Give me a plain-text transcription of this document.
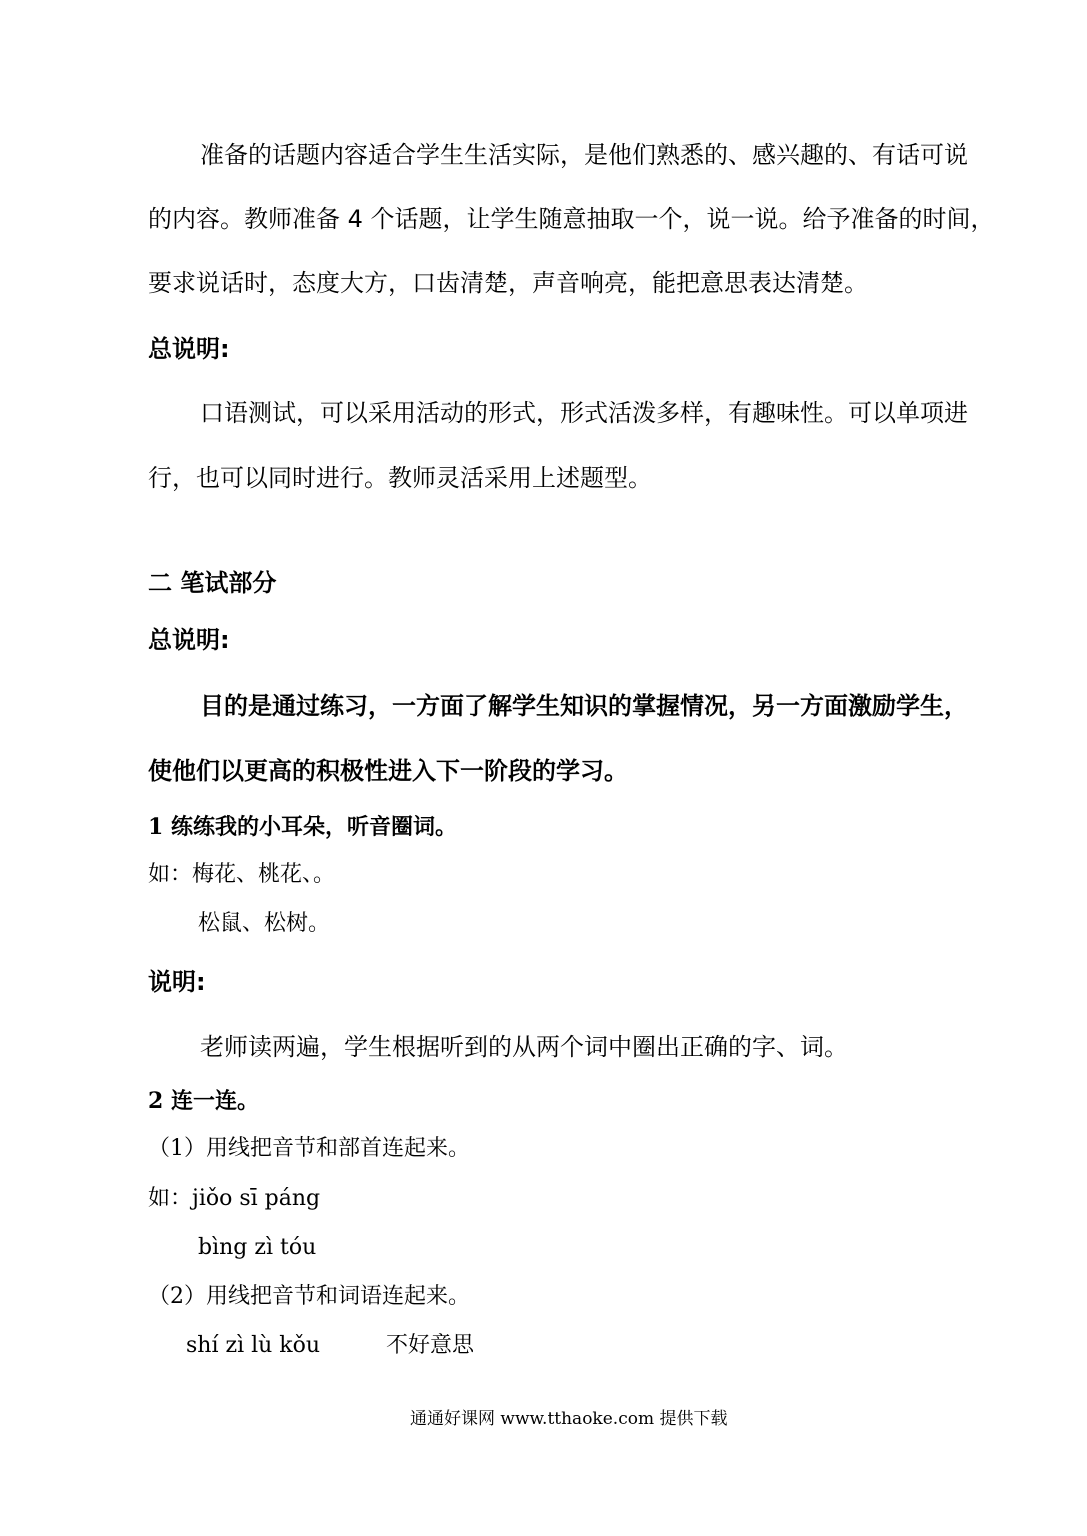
准备的话题内容适合学生生活实际，是他们熟悉的、感兴趣的、有话可说
的内容。教师准备 4 个话题，让学生随意抽取一个，说一说。给予准备的时间，
要求说话时，态度大方，口齿清楚，声音响亮，能把意思表达清楚。
总说明:
口语测试，可以采用活动的形式，形式活泼多样，有趣味性。可以单项进
行，也可以同时进行。教师灵活采用上述题型。
二 笔试部分
总说明:
目的是通过练习，一方面了解学生知识的掌握情况，另一方面激励学生，
使他们以更高的积极性进入下一阶段的学习。
1 练练我的小耳朵，听音圈词。
如：梅花、桃花、。
松鼠、松树。
说明:
老师读两遍，学生根据听到的从两个词中圈出正确的字、词。
2 连一连。
（1）用线把音节和部首连起来。
如：jiǒo sī páng
bìng zì tóu
（2）用线把音节和词语连起来。
shí zì lù kǒu	不好意思
通通好课网 www.tthaoke.com 提供下载
